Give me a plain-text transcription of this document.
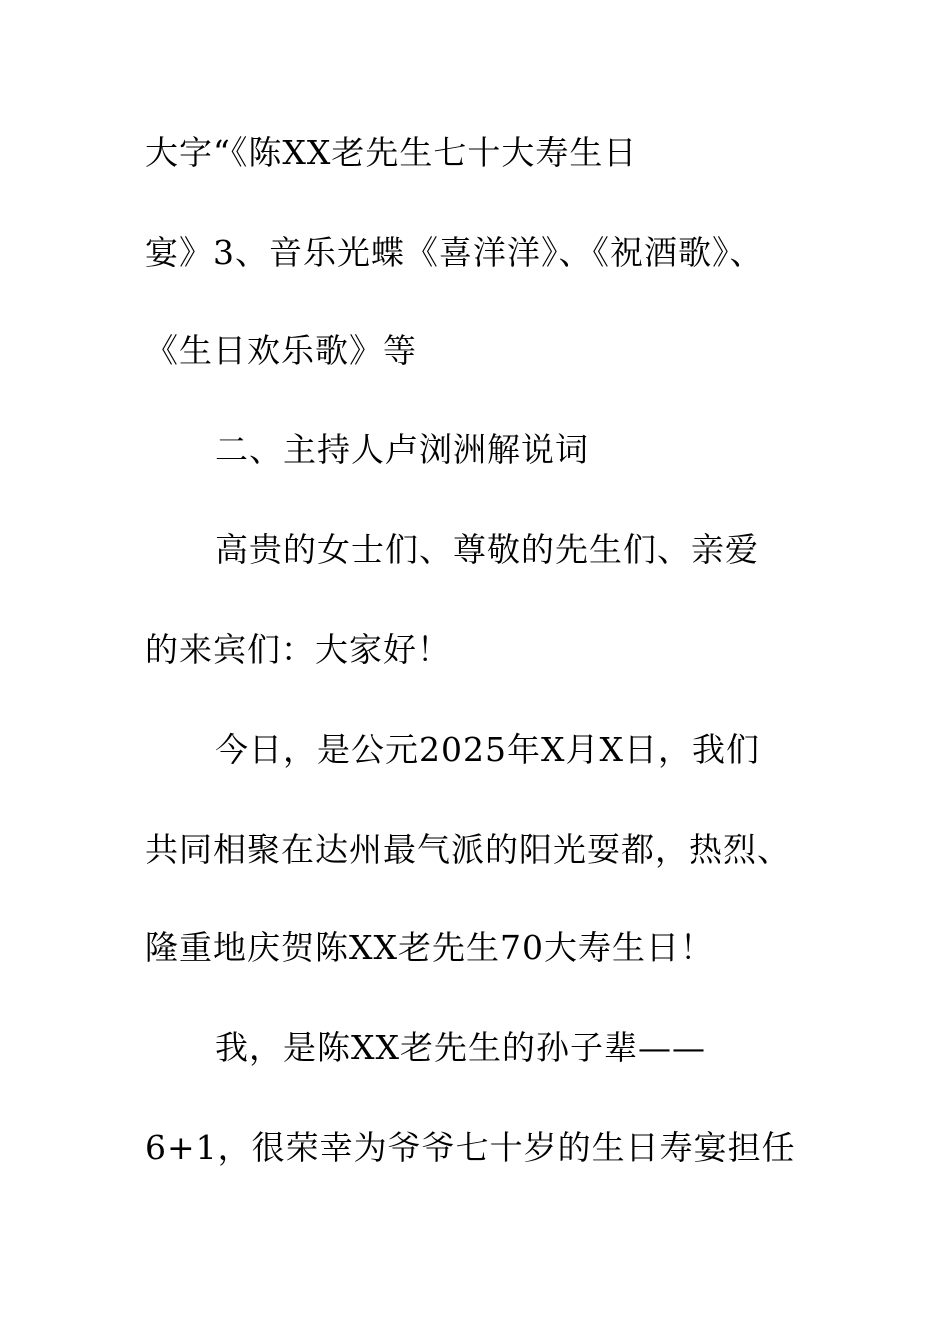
大字“《陈XX老先生七十大寿生日
宴》3、音乐光蝶《喜洋洋》、《祝酒歌》、
《生日欢乐歌》等
二、主持人卢浏洲解说词
高贵的女士们、尊敬的先生们、亲爱
的来宾们：大家好！
今日，是公元2025年X月X日，我们
共同相聚在达州最气派的阳光耍都，热烈、
隆重地庆贺陈XX老先生70大寿生日！
我，是陈XX老先生的孙子辈——
6+1，很荣幸为爷爷七十岁的生日寿宴担任
